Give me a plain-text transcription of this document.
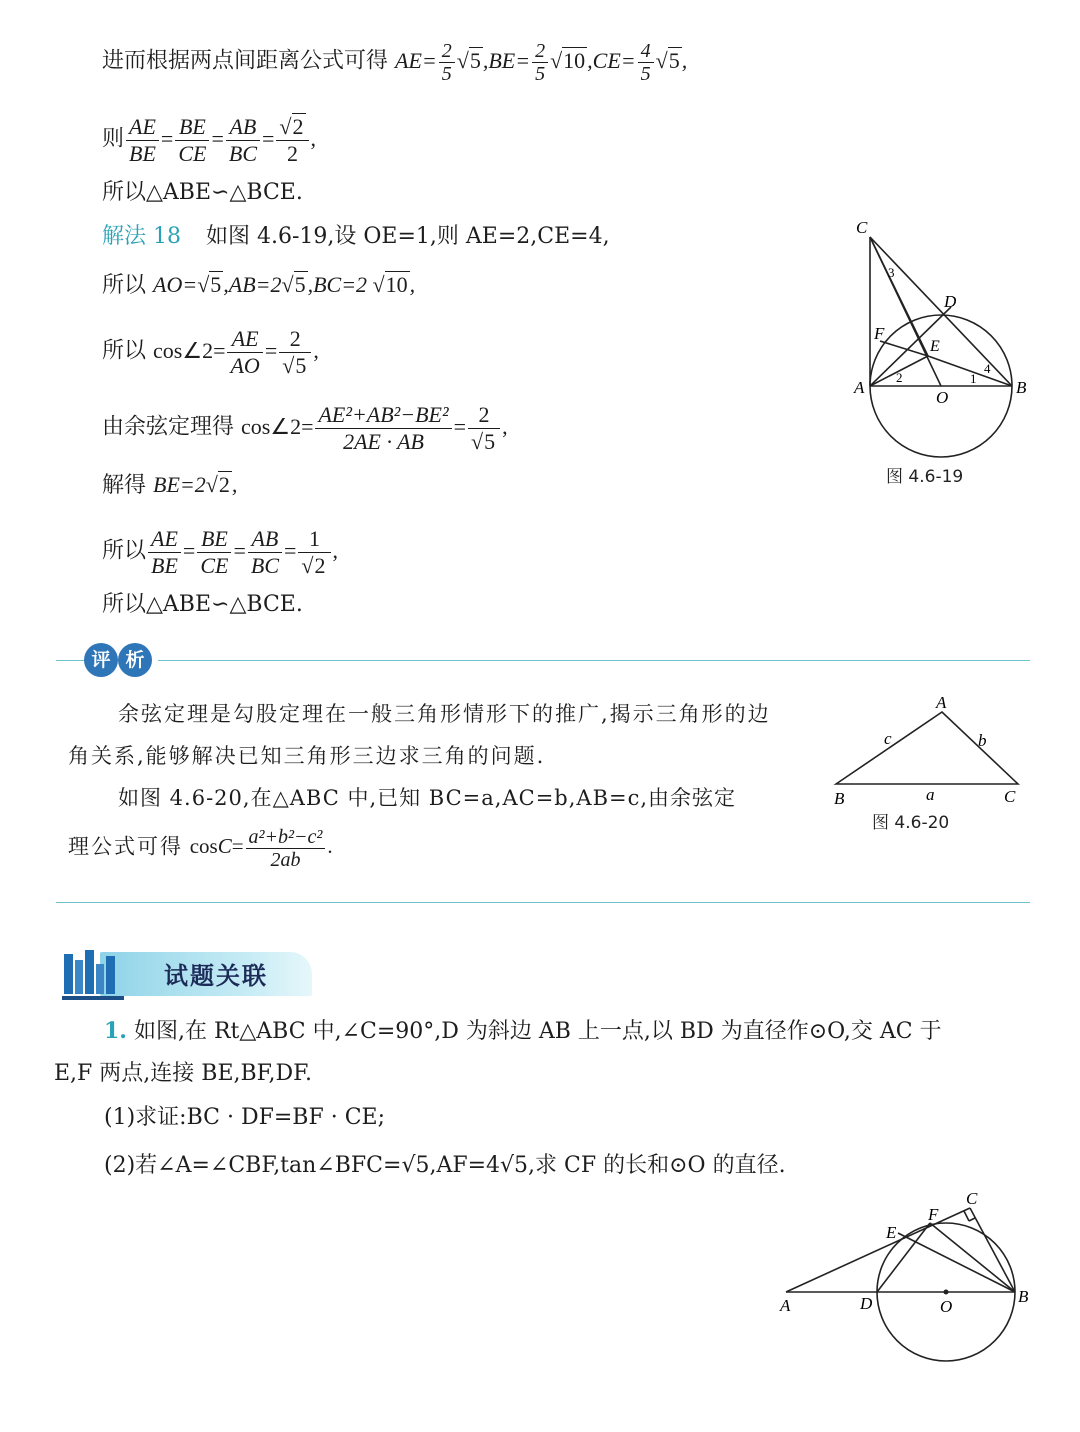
进而根据两点间距离公式可得 $AE= \frac{2}{5} √5,BE= \frac{2}{5} √10,CE= \frac{4}{5} √5$,
则 $\frac{AE}{BE} = \frac{BE}{CE} = \frac{AB}{BC} = \frac{√2}{2}$ ,
所以△ABE∽△BCE.
解法 18 如图 4.6-19,设 OE=1,则 AE=2,CE=4,
所以 AO=√5,AB=2√5,BC=2 √10,
所以 cos∠2= $\frac{AE}{AO} = \frac{2}{√5}$ ,
由余弦定理得 cos∠2= $\frac{\text{AE²+AB²−BE²}}{2AE \cdot AB} = \frac{2}{√5}$ ,
解得 BE=2√2,
所以 $\frac{AE}{BE} = \frac{BE}{CE} = \frac{AB}{BC} = \frac{1}{√2}$ ,
所以△ABE∽△BCE.
C
D
F
E
A
O
B
2
3
4
1
图 4.6-19
评 析
余弦定理是勾股定理在一般三角形情形下的推广,揭示三角形的边
角关系,能够解决已知三角形三边求三角的问题.
如图 4.6-20,在△ABC 中,已知 BC=a,AC=b,AB=c,由余弦定
理公式可得 $\cos C= \frac{\text{a²+b²−c²}}{2ab}$ .
A
B	C
a
b
c
图 4.6-20
试题关联
1. 如图,在 Rt△ABC 中,∠C=90°,D 为斜边 AB 上一点,以 BD 为直径作⊙O,交 AC 于
E,F 两点,连接 BE,BF,DF.
(1)求证:BC · DF=BF · CE;
(2)若∠A=∠CBF,tan∠BFC=√5,AF=4√5,求 CF 的长和⊙O 的直径.
C
F
E
A	D	O
B
